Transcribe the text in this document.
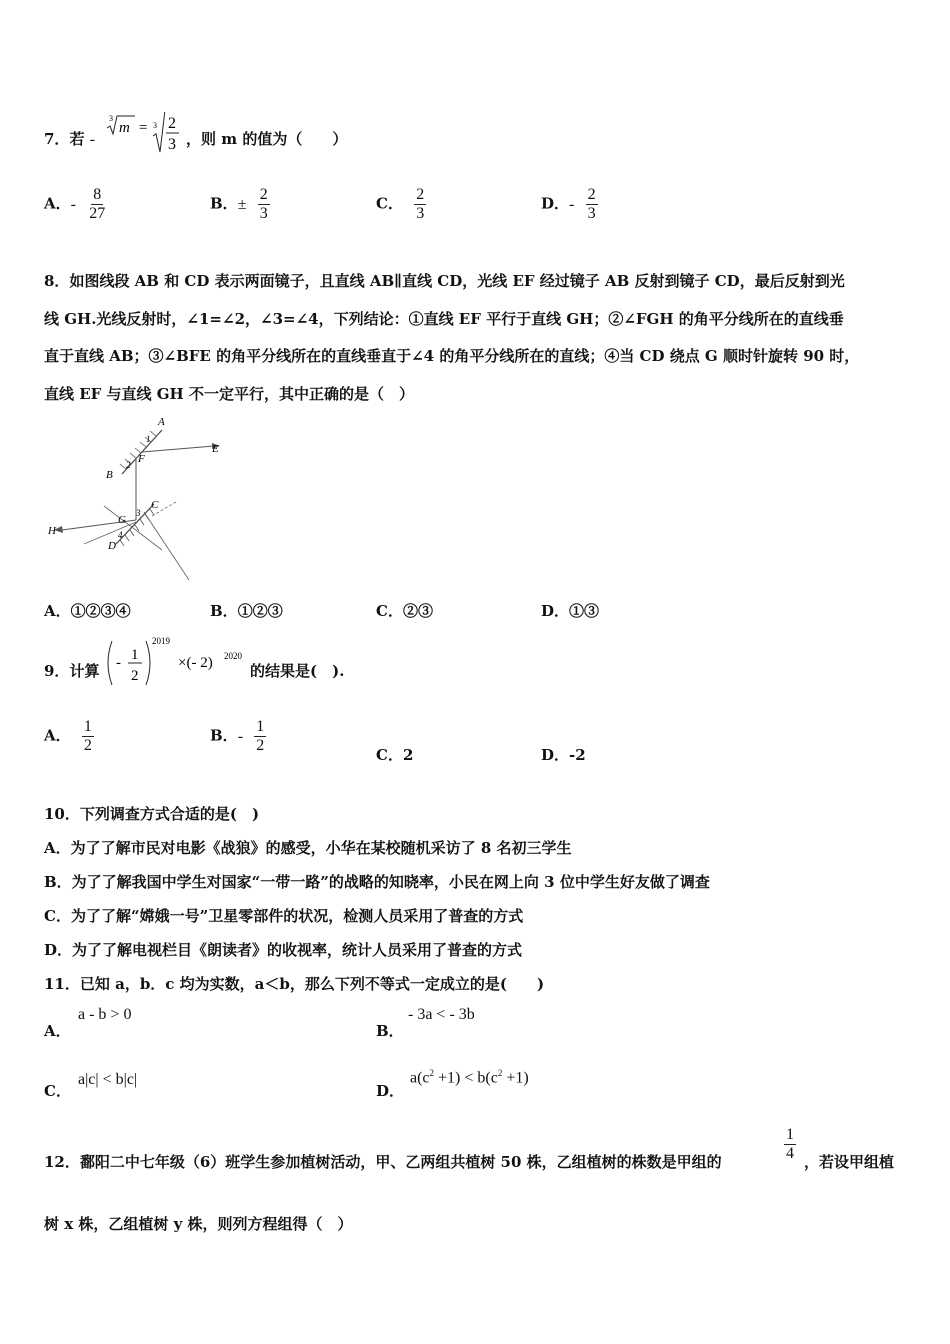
7．若 -
3
m = 3 2
3 ，则 m 的值为（　　）
A．- $\frac{8}{27}$	B．± $\frac{2}{3}$	C． $\frac{2}{3}$	D．- $\frac{2}{3}$
8．如图线段 AB 和 CD 表示两面镜子，且直线 AB∥直线 CD，光线 EF 经过镜子 AB 反射到镜子 CD，最后反射到光
线 GH.光线反射时，∠1=∠2，∠3=∠4，下列结论：①直线 EF 平行于直线 GH；②∠FGH 的角平分线所在的直线垂
直于直线 AB；③∠BFE 的角平分线所在的直线垂直于∠4 的角平分线所在的直线；④当 CD 绕点 G 顺时针旋转 90 时，
直线 EF 与直线 GH 不一定平行，其中正确的是（　）
A
B
C
D
E
F
G
H
1
2
3
4
A．①②③④	B．①②③	C．②③	D．①③
9．计算 - 1
2
2019
×(- 2) 2020
的结果是(　).
A． $\frac{1}{2}$	B．- $\frac{1}{2}$	C．2	D．-2
10．下列调查方式合适的是(　)
A．为了了解市民对电影《战狼》的感受，小华在某校随机采访了 8 名初三学生
B．为了了解我国中学生对国家“一带一路”的战略的知晓率，小民在网上向 3 位中学生好友做了调查
C．为了了解“嫦娥一号”卫星零部件的状况，检测人员采用了普查的方式
D．为了了解电视栏目《朗读者》的收视率，统计人员采用了普查的方式
11．已知 a，b．c 均为实数，a＜b，那么下列不等式一定成立的是(　　)
A．
a - b > 0
B．
- 3a < - 3b
C．
a|c| < b|c|
D．
$a(c^2 +1) < b(c^2 +1)$
12．鄱阳二中七年级（6）班学生参加植树活动，甲、乙两组共植树 50 株，乙组植树的株数是甲组的	$\frac{1}{4}$ ，若设甲组植
树 x 株，乙组植树 y 株，则列方程组得（　）
